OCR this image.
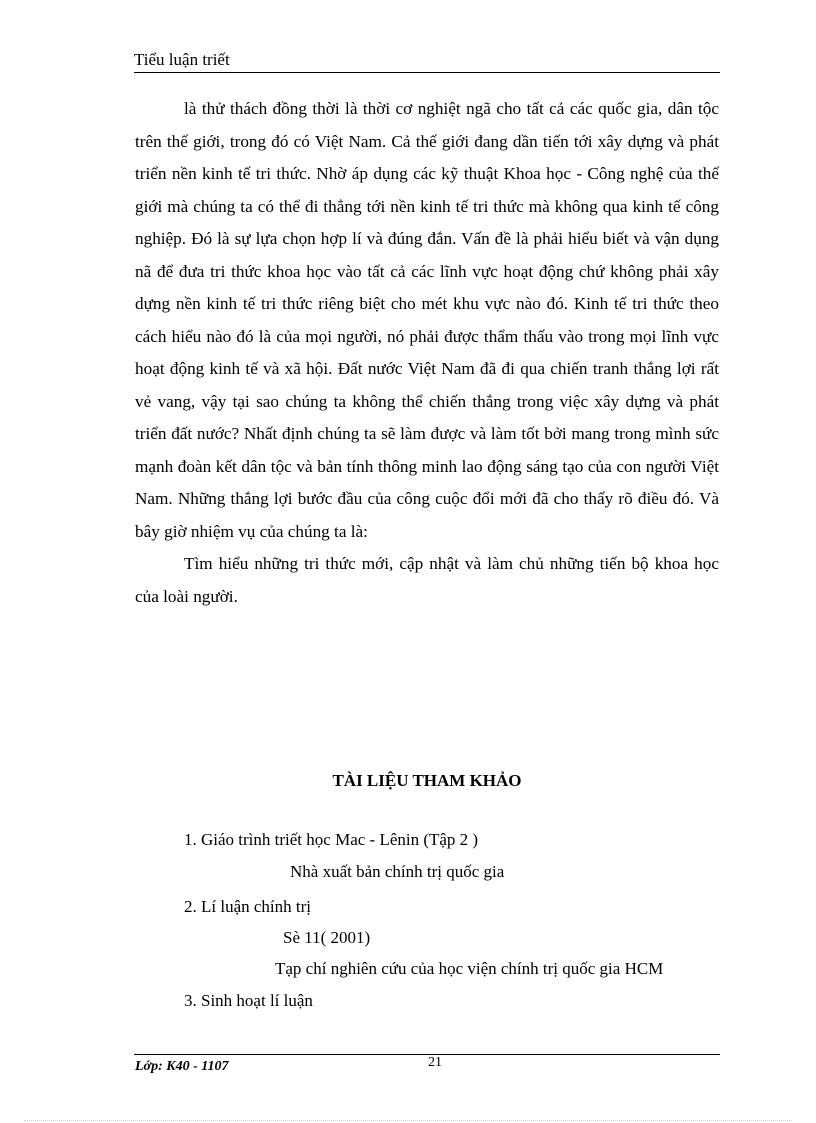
Tiểu luận triết

là thử thách đồng thời là thời cơ nghiệt ngã cho tất cả các quốc gia, dân tộc trên thế giới, trong đó có Việt Nam. Cả thế giới đang dần tiến tới xây dựng và phát triển nền kinh tế tri thức. Nhờ áp dụng các kỹ thuật Khoa học - Công nghệ của thế giới mà chúng ta có thể đi thẳng tới nền kinh tế tri thức mà không qua kinh tế công nghiệp. Đó là sự lựa chọn hợp lí và đúng đắn. Vấn đề là phải hiểu biết và vận dụng nã để đưa tri thức khoa học vào tất cả các lĩnh vực hoạt động chứ không phải xây dựng nền kinh tế tri thức riêng biệt cho mét khu vực nào đó. Kinh tế tri thức theo cách hiểu nào đó là của mọi người, nó phải được thẩm thấu vào trong mọi lĩnh vực hoạt động kinh tế và xã hội. Đất nước Việt Nam đã đi qua chiến tranh thắng lợi rất vẻ vang, vậy tại sao chúng ta không thể chiến thắng trong việc xây dựng và phát triển đất nước? Nhất định chúng ta sẽ làm được và làm tốt bởi mang trong mình sức mạnh đoàn kết dân tộc và bản tính thông minh lao động sáng tạo của con người Việt Nam. Những thắng lợi bước đầu của công cuộc đổi mới đã cho thấy rõ điều đó. Và bây giờ nhiệm vụ của chúng ta là:

Tìm hiểu những tri thức mới, cập nhật và làm chủ những tiến bộ khoa học của loài người.

TÀI LIỆU THAM KHẢO
1. Giáo trình triết học Mac - Lênin (Tập 2 )
Nhà xuất bản chính trị quốc gia
2. Lí luận chính trị
Sè 11( 2001)
Tạp chí nghiên cứu của học viện chính trị quốc gia HCM
3. Sinh hoạt lí luận
Lớp: K40 - 1107	21
